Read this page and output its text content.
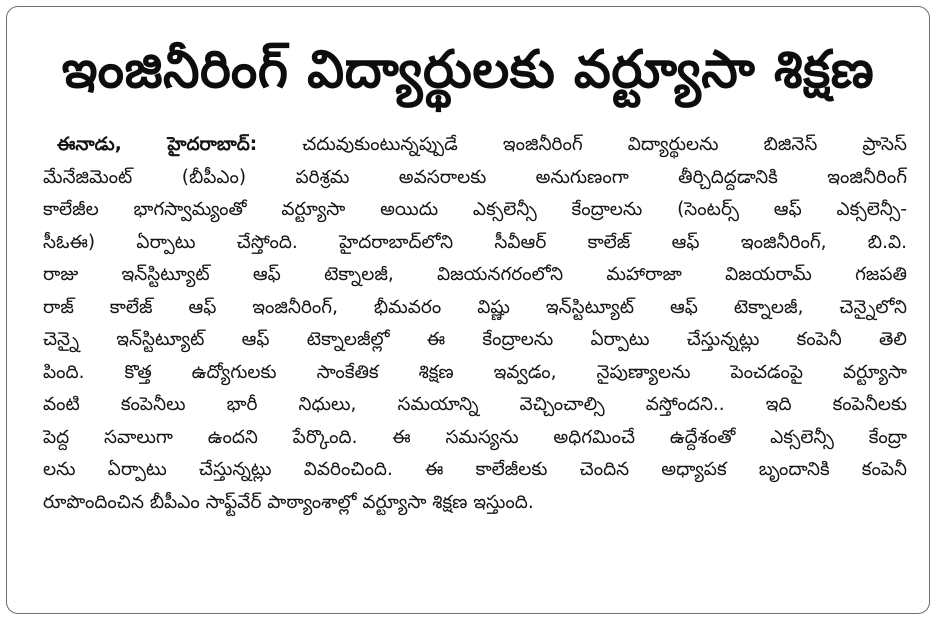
ఇంజినీరింగ్ విద్యార్థులకు వర్ట్యూసా శిక్షణ
ఈనాడు, హైదరాబాద్: చదువుకుంటున్నప్పుడే ఇంజినీరింగ్ విద్యార్థులను బిజినెస్ ప్రాసెస్
మేనేజిమెంట్ (బీపీఎం) పరిశ్రమ అవసరాలకు అనుగుణంగా తీర్చిదిద్దడానికి ఇంజినీరింగ్
కాలేజీల భాగస్వామ్యంతో వర్ట్యూసా అయిదు ఎక్సలెన్సీ కేంద్రాలను (సెంటర్స్ ఆఫ్ ఎక్సలెన్సీ-
సీఓఈ) ఏర్పాటు చేస్తోంది. హైదరాబాద్‌లోని సీవీఆర్ కాలేజ్ ఆఫ్ ఇంజినీరింగ్, బి.వి.
రాజు ఇన్‌స్టిట్యూట్ ఆఫ్ టెక్నాలజీ, విజయనగరంలోని మహారాజా విజయరామ్ గజపతి
రాజ్ కాలేజ్ ఆఫ్ ఇంజినీరింగ్, భీమవరం విష్ణు ఇన్‌స్టిట్యూట్ ఆఫ్ టెక్నాలజీ, చెన్నైలోని
చెన్నై ఇన్‌స్టిట్యూట్ ఆఫ్ టెక్నాలజీల్లో ఈ కేంద్రాలను ఏర్పాటు చేస్తున్నట్లు కంపెనీ తెలి
పింది. కొత్త ఉద్యోగులకు సాంకేతిక శిక్షణ ఇవ్వడం, నైపుణ్యాలను పెంచడంపై వర్ట్యూసా
వంటి కంపెనీలు భారీ నిధులు, సమయాన్ని వెచ్చించాల్సి వస్తోందని.. ఇది కంపెనీలకు
పెద్ద సవాలుగా ఉందని పేర్కొంది. ఈ సమస్యను అధిగమించే ఉద్దేశంతో ఎక్సలెన్సీ కేంద్రా
లను ఏర్పాటు చేస్తున్నట్లు వివరించింది. ఈ కాలేజీలకు చెందిన అధ్యాపక బృందానికి కంపెనీ
రూపొందించిన బీపీఎం సాఫ్ట్‌వేర్ పాఠ్యాంశాల్లో వర్ట్యూసా శిక్షణ ఇస్తుంది.
